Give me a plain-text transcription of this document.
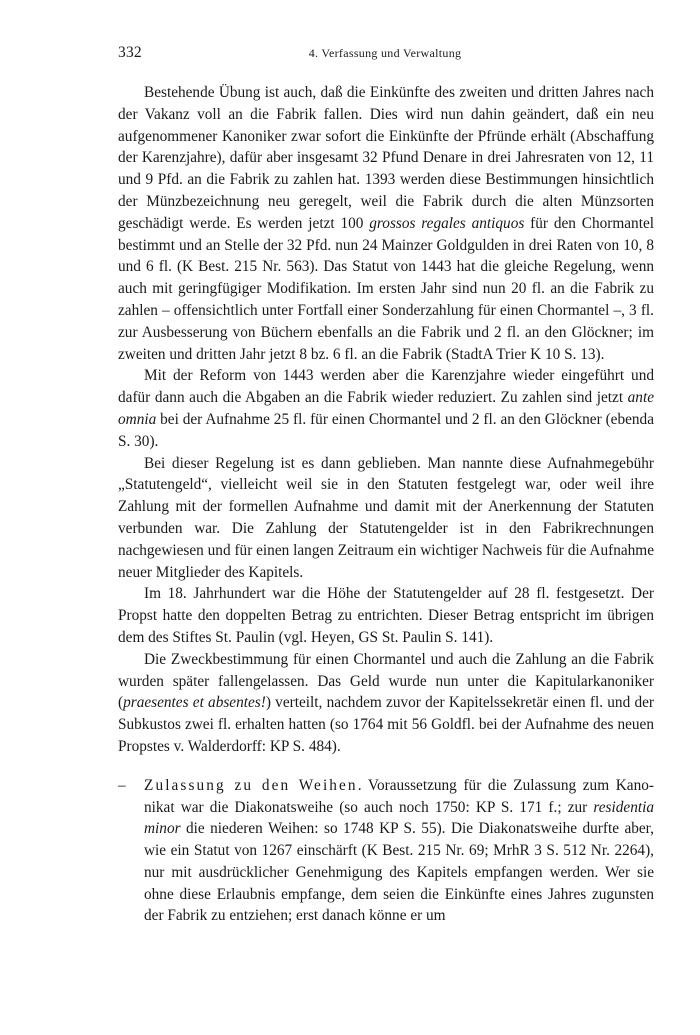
332	4. Verfassung und Verwaltung

Bestehende Übung ist auch, daß die Einkünfte des zweiten und dritten Jahres nach der Vakanz voll an die Fabrik fallen. Dies wird nun dahin geändert, daß ein neu aufgenommener Kanoniker zwar sofort die Einkünfte der Pfründe erhält (Abschaffung der Karenzjahre), dafür aber insgesamt 32 Pfund Denare in drei Jahresraten von 12, 11 und 9 Pfd. an die Fabrik zu zahlen hat. 1393 werden diese Bestimmungen hinsichtlich der Münzbezeichnung neu geregelt, weil die Fabrik durch die alten Münzsorten geschädigt werde. Es werden jetzt 100 grossos regales antiquos für den Chormantel bestimmt und an Stelle der 32 Pfd. nun 24 Mainzer Goldgulden in drei Raten von 10, 8 und 6 fl. (K Best. 215 Nr. 563). Das Statut von 1443 hat die gleiche Regelung, wenn auch mit geringfügiger Modifikation. Im ersten Jahr sind nun 20 fl. an die Fabrik zu zahlen – offensichtlich unter Fortfall einer Sonderzahlung für einen Chormantel –, 3 fl. zur Ausbesserung von Büchern ebenfalls an die Fabrik und 2 fl. an den Glöckner; im zweiten und dritten Jahr jetzt 8 bz. 6 fl. an die Fabrik (StadtA Trier K 10 S. 13).

Mit der Reform von 1443 werden aber die Karenzjahre wieder eingeführt und dafür dann auch die Abgaben an die Fabrik wieder reduziert. Zu zahlen sind jetzt ante omnia bei der Aufnahme 25 fl. für einen Chormantel und 2 fl. an den Glöckner (ebenda S. 30).

Bei dieser Regelung ist es dann geblieben. Man nannte diese Aufnahmegebühr „Statutengeld“, vielleicht weil sie in den Statuten festgelegt war, oder weil ihre Zahlung mit der formellen Aufnahme und damit mit der Anerkennung der Statuten verbunden war. Die Zahlung der Statutengelder ist in den Fabrikrechnungen nachgewiesen und für einen langen Zeitraum ein wichtiger Nachweis für die Aufnahme neuer Mitglieder des Kapitels.

Im 18. Jahrhundert war die Höhe der Statutengelder auf 28 fl. festgesetzt. Der Propst hatte den doppelten Betrag zu entrichten. Dieser Betrag entspricht im übrigen dem des Stiftes St. Paulin (vgl. Heyen, GS St. Paulin S. 141).

Die Zweckbestimmung für einen Chormantel und auch die Zahlung an die Fabrik wurden später fallengelassen. Das Geld wurde nun unter die Kapitularkanoniker (praesentes et absentes!) verteilt, nachdem zuvor der Kapitelssekretär einen fl. und der Subkustos zwei fl. erhalten hatten (so 1764 mit 56 Goldfl. bei der Aufnahme des neuen Propstes v. Walderdorff: KP S. 484).

– Zulassung zu den Weihen. Voraussetzung für die Zulassung zum Kanonikat war die Diakonatsweihe (so auch noch 1750: KP S. 171 f.; zur residentia minor die niederen Weihen: so 1748 KP S. 55). Die Diakonatsweihe durfte aber, wie ein Statut von 1267 einschärft (K Best. 215 Nr. 69; MrhR 3 S. 512 Nr. 2264), nur mit ausdrücklicher Genehmigung des Kapitels empfangen werden. Wer sie ohne diese Erlaubnis empfange, dem seien die Einkünfte eines Jahres zugunsten der Fabrik zu entziehen; erst danach könne er um
